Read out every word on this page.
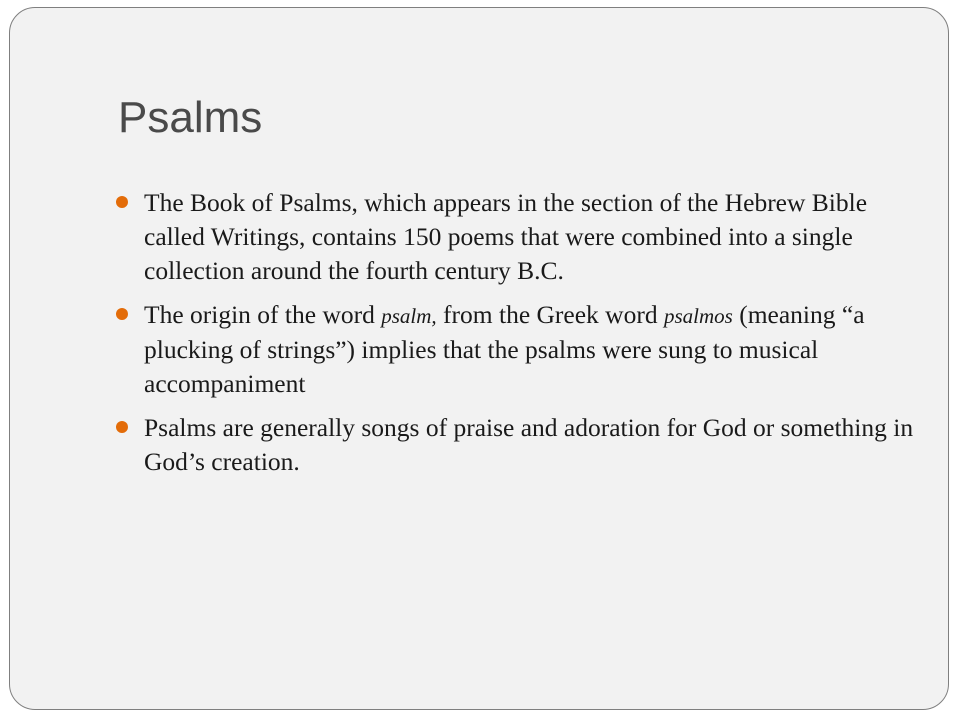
Psalms
The Book of Psalms, which appears in the section of the Hebrew Bible called Writings, contains 150 poems that were combined into a single collection around the fourth century B.C.
The origin of the word psalm, from the Greek word psalmos (meaning “a plucking of strings”) implies that the psalms were sung to musical accompaniment
Psalms are generally songs of praise and adoration for God or something in God’s creation.
